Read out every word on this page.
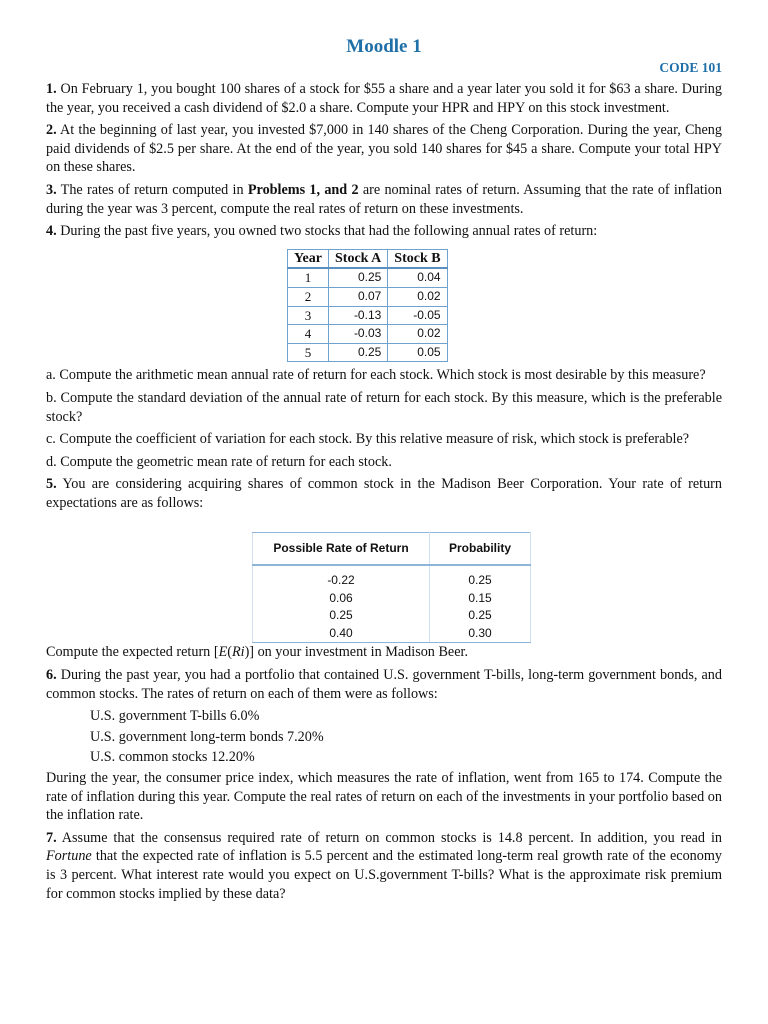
Moodle 1
CODE 101

1. On February 1, you bought 100 shares of a stock for $55 a share and a year later you sold it for $63 a share. During the year, you received a cash dividend of $2.0 a share. Compute your HPR and HPY on this stock investment.

2. At the beginning of last year, you invested $7,000 in 140 shares of the Cheng Corporation. During the year, Cheng paid dividends of $2.5 per share. At the end of the year, you sold 140 shares for $45 a share. Compute your total HPY on these shares.

3. The rates of return computed in Problems 1, and 2 are nominal rates of return. Assuming that the rate of inflation during the year was 3 percent, compute the real rates of return on these investments.

4. During the past five years, you owned two stocks that had the following annual rates of return:

Year	Stock A	Stock B
1	0.25	0.04
2	0.07	0.02
3	-0.13	-0.05
4	-0.03	0.02
5	0.25	0.05

a. Compute the arithmetic mean annual rate of return for each stock. Which stock is most desirable by this measure?

b. Compute the standard deviation of the annual rate of return for each stock. By this measure, which is the preferable stock?

c. Compute the coefficient of variation for each stock. By this relative measure of risk, which stock is preferable?

d. Compute the geometric mean rate of return for each stock.

5. You are considering acquiring shares of common stock in the Madison Beer Corporation. Your rate of return expectations are as follows:

Possible Rate of Return	Probability
-0.22	0.25
0.06	0.15
0.25	0.25
0.40	0.30

Compute the expected return [E(Ri)] on your investment in Madison Beer.

6. During the past year, you had a portfolio that contained U.S. government T-bills, long-term government bonds, and common stocks. The rates of return on each of them were as follows:

U.S. government T-bills 6.0%
U.S. government long-term bonds 7.20%
U.S. common stocks 12.20%

During the year, the consumer price index, which measures the rate of inflation, went from 165 to 174. Compute the rate of inflation during this year. Compute the real rates of return on each of the investments in your portfolio based on the inflation rate.

7. Assume that the consensus required rate of return on common stocks is 14.8 percent. In addition, you read in Fortune that the expected rate of inflation is 5.5 percent and the estimated long-term real growth rate of the economy is 3 percent. What interest rate would you expect on U.S.government T-bills? What is the approximate risk premium for common stocks implied by these data?
